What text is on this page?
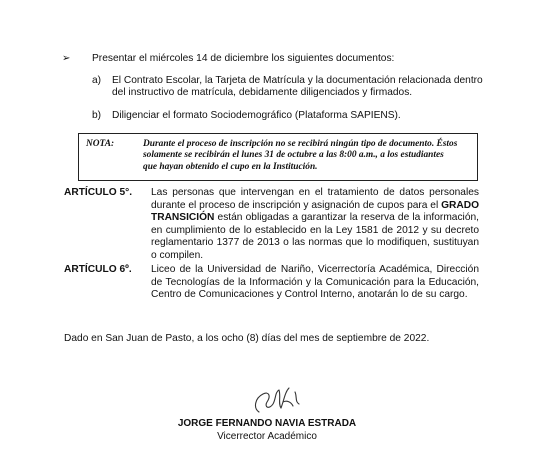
➢ Presentar el miércoles 14 de diciembre los siguientes documentos:
a) El Contrato Escolar, la Tarjeta de Matrícula y la documentación relacionada dentro
del instructivo de matrícula, debidamente diligenciados y firmados.
b) Diligenciar el formato Sociodemográfico (Plataforma SAPIENS).
NOTA:	Durante el proceso de inscripción no se recibirá ningún tipo de documento. Éstos
solamente se recibirán el lunes 31 de octubre a las 8:00 a.m., a los estudiantes
que hayan obtenido el cupo en la Institución.
ARTÍCULO 5°. Las personas que intervengan en el tratamiento de datos personales durante el proceso de inscripción y asignación de cupos para el GRADO TRANSICIÓN están obligadas a garantizar la reserva de la información, en cumplimiento de lo establecido en la Ley 1581 de 2012 y su decreto reglamentario 1377 de 2013 o las normas que lo modifiquen, sustituyan o compilen.
ARTÍCULO 6º. Liceo de la Universidad de Nariño, Vicerrectoría Académica, Dirección de Tecnologías de la Información y la Comunicación para la Educación, Centro de Comunicaciones y Control Interno, anotarán lo de su cargo.
Dado en San Juan de Pasto, a los ocho (8) días del mes de septiembre de 2022.
JORGE FERNANDO NAVIA ESTRADA
Vicerrector Académico
